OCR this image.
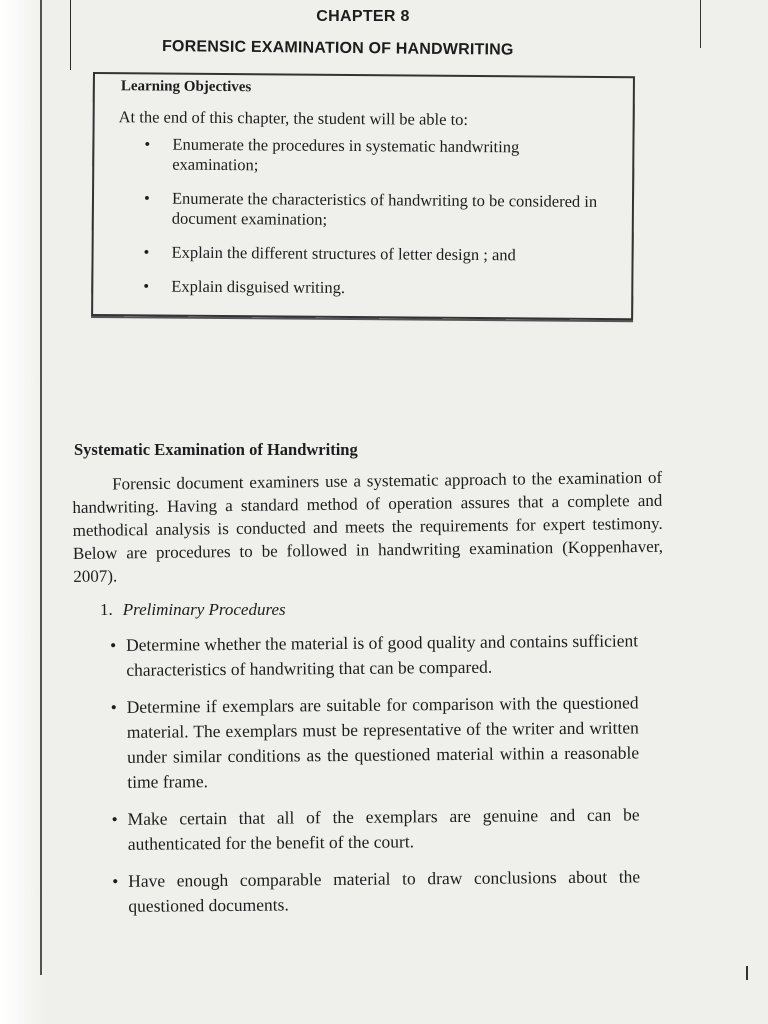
CHAPTER 8
FORENSIC EXAMINATION OF HANDWRITING
Learning Objectives
At the end of this chapter, the student will be able to:
• Enumerate the procedures in systematic handwriting examination;
• Enumerate the characteristics of handwriting to be considered in document examination;
• Explain the different structures of letter design ; and
• Explain disguised writing.
Systematic Examination of Handwriting

Forensic document examiners use a systematic approach to the examination of handwriting. Having a standard method of operation assures that a complete and methodical analysis is conducted and meets the requirements for expert testimony. Below are procedures to be followed in handwriting examination (Koppenhaver, 2007).

1. Preliminary Procedures
• Determine whether the material is of good quality and contains sufficient characteristics of handwriting that can be compared.
• Determine if exemplars are suitable for comparison with the questioned material. The exemplars must be representative of the writer and written under similar conditions as the questioned material within a reasonable time frame.
• Make certain that all of the exemplars are genuine and can be authenticated for the benefit of the court.
• Have enough comparable material to draw conclusions about the questioned documents.
